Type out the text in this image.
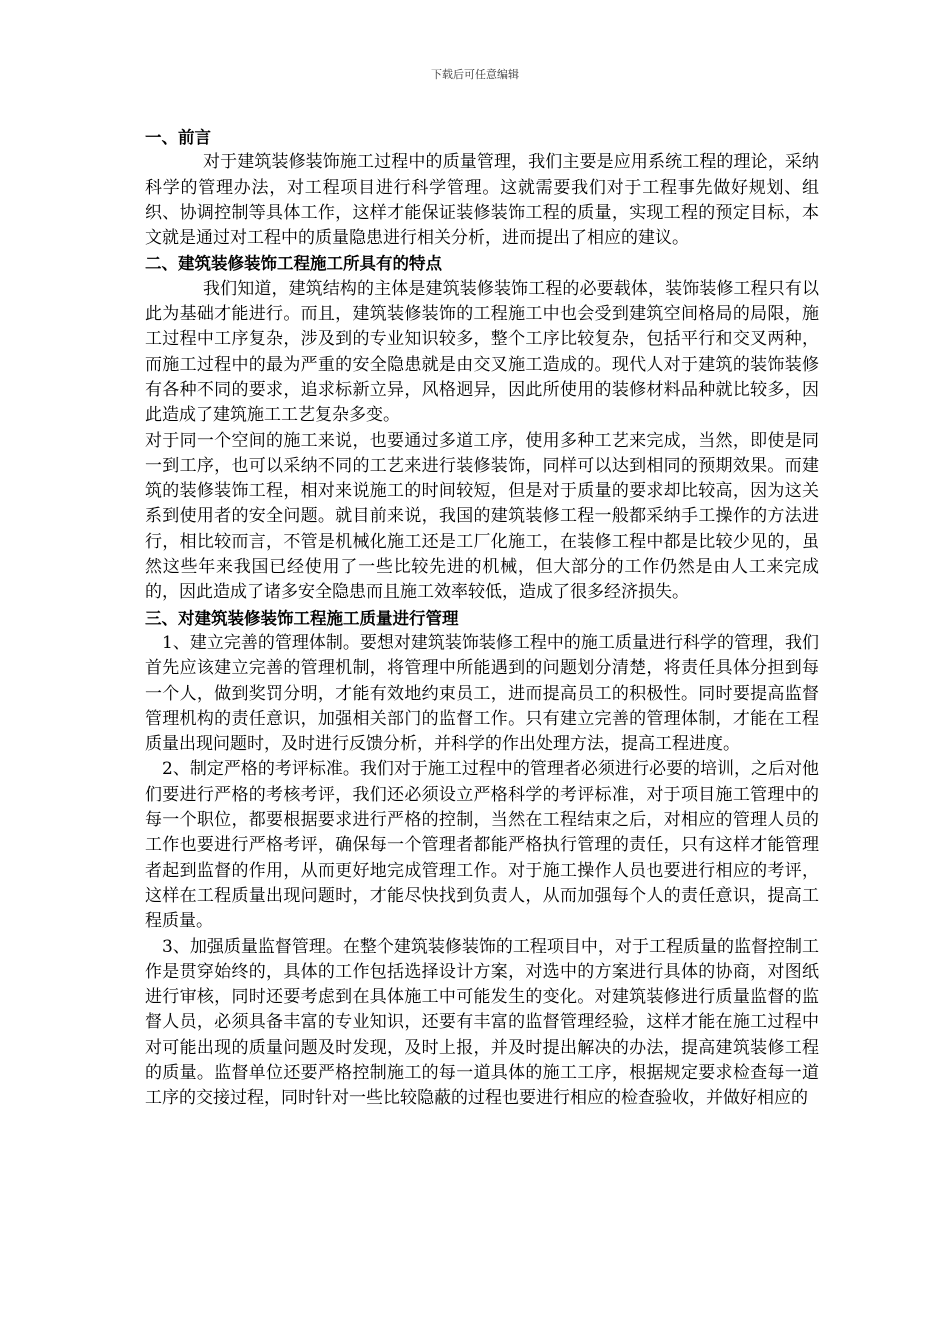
下载后可任意编辑
一、前言

对于建筑装修装饰施工过程中的质量管理，我们主要是应用系统工程的理论，采纳科学的管理办法，对工程项目进行科学管理。这就需要我们对于工程事先做好规划、组织、协调控制等具体工作，这样才能保证装修装饰工程的质量，实现工程的预定目标，本文就是通过对工程中的质量隐患进行相关分析，进而提出了相应的建议。

二、建筑装修装饰工程施工所具有的特点

我们知道，建筑结构的主体是建筑装修装饰工程的必要载体，装饰装修工程只有以此为基础才能进行。而且，建筑装修装饰的工程施工中也会受到建筑空间格局的局限，施工过程中工序复杂，涉及到的专业知识较多，整个工序比较复杂，包括平行和交叉两种，而施工过程中的最为严重的安全隐患就是由交叉施工造成的。现代人对于建筑的装饰装修有各种不同的要求，追求标新立异，风格迥异，因此所使用的装修材料品种就比较多，因此造成了建筑施工工艺复杂多变。

对于同一个空间的施工来说，也要通过多道工序，使用多种工艺来完成，当然，即使是同一到工序，也可以采纳不同的工艺来进行装修装饰，同样可以达到相同的预期效果。而建筑的装修装饰工程，相对来说施工的时间较短，但是对于质量的要求却比较高，因为这关系到使用者的安全问题。就目前来说，我国的建筑装修工程一般都采纳手工操作的方法进行，相比较而言，不管是机械化施工还是工厂化施工，在装修工程中都是比较少见的，虽然这些年来我国已经使用了一些比较先进的机械，但大部分的工作仍然是由人工来完成的，因此造成了诸多安全隐患而且施工效率较低，造成了很多经济损失。

三、对建筑装修装饰工程施工质量进行管理

1、建立完善的管理体制。要想对建筑装饰装修工程中的施工质量进行科学的管理，我们首先应该建立完善的管理机制，将管理中所能遇到的问题划分清楚，将责任具体分担到每一个人，做到奖罚分明，才能有效地约束员工，进而提高员工的积极性。同时要提高监督管理机构的责任意识，加强相关部门的监督工作。只有建立完善的管理体制，才能在工程质量出现问题时，及时进行反馈分析，并科学的作出处理方法，提高工程进度。

2、制定严格的考评标准。我们对于施工过程中的管理者必须进行必要的培训，之后对他们要进行严格的考核考评，我们还必须设立严格科学的考评标准，对于项目施工管理中的每一个职位，都要根据要求进行严格的控制，当然在工程结束之后，对相应的管理人员的工作也要进行严格考评，确保每一个管理者都能严格执行管理的责任，只有这样才能管理者起到监督的作用，从而更好地完成管理工作。对于施工操作人员也要进行相应的考评，这样在工程质量出现问题时，才能尽快找到负责人，从而加强每个人的责任意识，提高工程质量。

3、加强质量监督管理。在整个建筑装修装饰的工程项目中，对于工程质量的监督控制工作是贯穿始终的，具体的工作包括选择设计方案，对选中的方案进行具体的协商，对图纸进行审核，同时还要考虑到在具体施工中可能发生的变化。对建筑装修进行质量监督的监督人员，必须具备丰富的专业知识，还要有丰富的监督管理经验，这样才能在施工过程中对可能出现的质量问题及时发现，及时上报，并及时提出解决的办法，提高建筑装修工程的质量。监督单位还要严格控制施工的每一道具体的施工工序，根据规定要求检查每一道工序的交接过程，同时针对一些比较隐蔽的过程也要进行相应的检查验收，并做好相应的
